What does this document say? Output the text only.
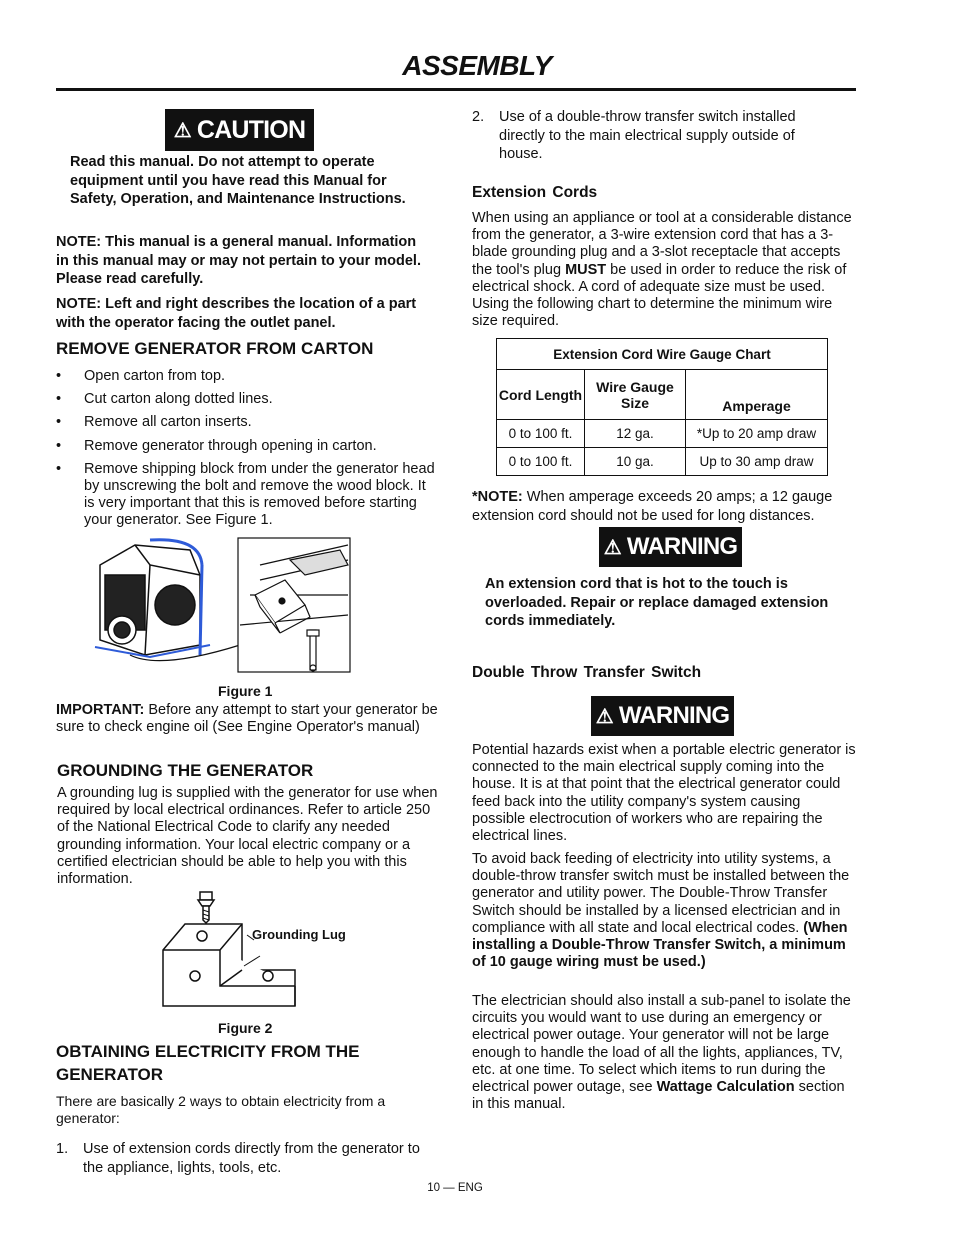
ASSEMBLY
⚠ CAUTION
Read this manual. Do not attempt to operate equipment until you have read this Manual for Safety, Operation, and Maintenance Instructions.
NOTE: This manual is a general manual. Information in this manual may or may not pertain to your model. Please read carefully.
NOTE: Left and right describes the location of a part with the operator facing the outlet panel.
REMOVE GENERATOR FROM CARTON
• Open carton from top.
• Cut carton along dotted lines.
• Remove all carton inserts.
• Remove generator through opening in carton.
• Remove shipping block from under the generator head by unscrewing the bolt and remove the wood block. It is very important that this is removed before starting your generator. See Figure 1.
Figure 1
IMPORTANT: Before any attempt to start your generator be sure to check engine oil (See Engine Operator's manual)
GROUNDING THE GENERATOR
A grounding lug is supplied with the generator for use when required by local electrical ordinances. Refer to article 250 of the National Electrical Code to clarify any needed grounding information. Your local electric company or a certified electrician should be able to help you with this information.
Grounding Lug
Figure 2
OBTAINING ELECTRICITY FROM THE GENERATOR
There are basically 2 ways to obtain electricity from a generator:
1. Use of extension cords directly from the generator to the appliance, lights, tools, etc.
2. Use of a double-throw transfer switch installed directly to the main electrical supply outside of house.
Extension Cords
When using an appliance or tool at a considerable distance from the generator, a 3-wire extension cord that has a 3-blade grounding plug and a 3-slot receptacle that accepts the tool's plug MUST be used in order to reduce the risk of electrical shock. A cord of adequate size must be used. Using the following chart to determine the minimum wire size required.
Extension Cord Wire Gauge Chart		
Cord Length	Wire Gauge Size	Amperage
0 to 100 ft.	12 ga.	*Up to 20 amp draw
0 to 100 ft.	10 ga.	Up to 30 amp draw
*NOTE: When amperage exceeds 20 amps; a 12 gauge extension cord should not be used for long distances.
⚠ WARNING
An extension cord that is hot to the touch is overloaded. Repair or replace damaged extension cords immediately.
Double Throw Transfer Switch
⚠ WARNING
Potential hazards exist when a portable electric generator is connected to the main electrical supply coming into the house. It is at that point that the electrical generator could feed back into the utility company's system causing possible electrocution of workers who are repairing the electrical lines.
To avoid back feeding of electricity into utility systems, a double-throw transfer switch must be installed between the generator and utility power. The Double-Throw Transfer Switch should be installed by a licensed electrician and in compliance with all state and local electrical codes. (When installing a Double-Throw Transfer Switch, a minimum of 10 gauge wiring must be used.)
The electrician should also install a sub-panel to isolate the circuits you would want to use during an emergency or electrical power outage. Your generator will not be large enough to handle the load of all the lights, appliances, TV, etc. at one time. To select which items to run during the electrical power outage, see Wattage Calculation section in this manual.
10 — ENG
